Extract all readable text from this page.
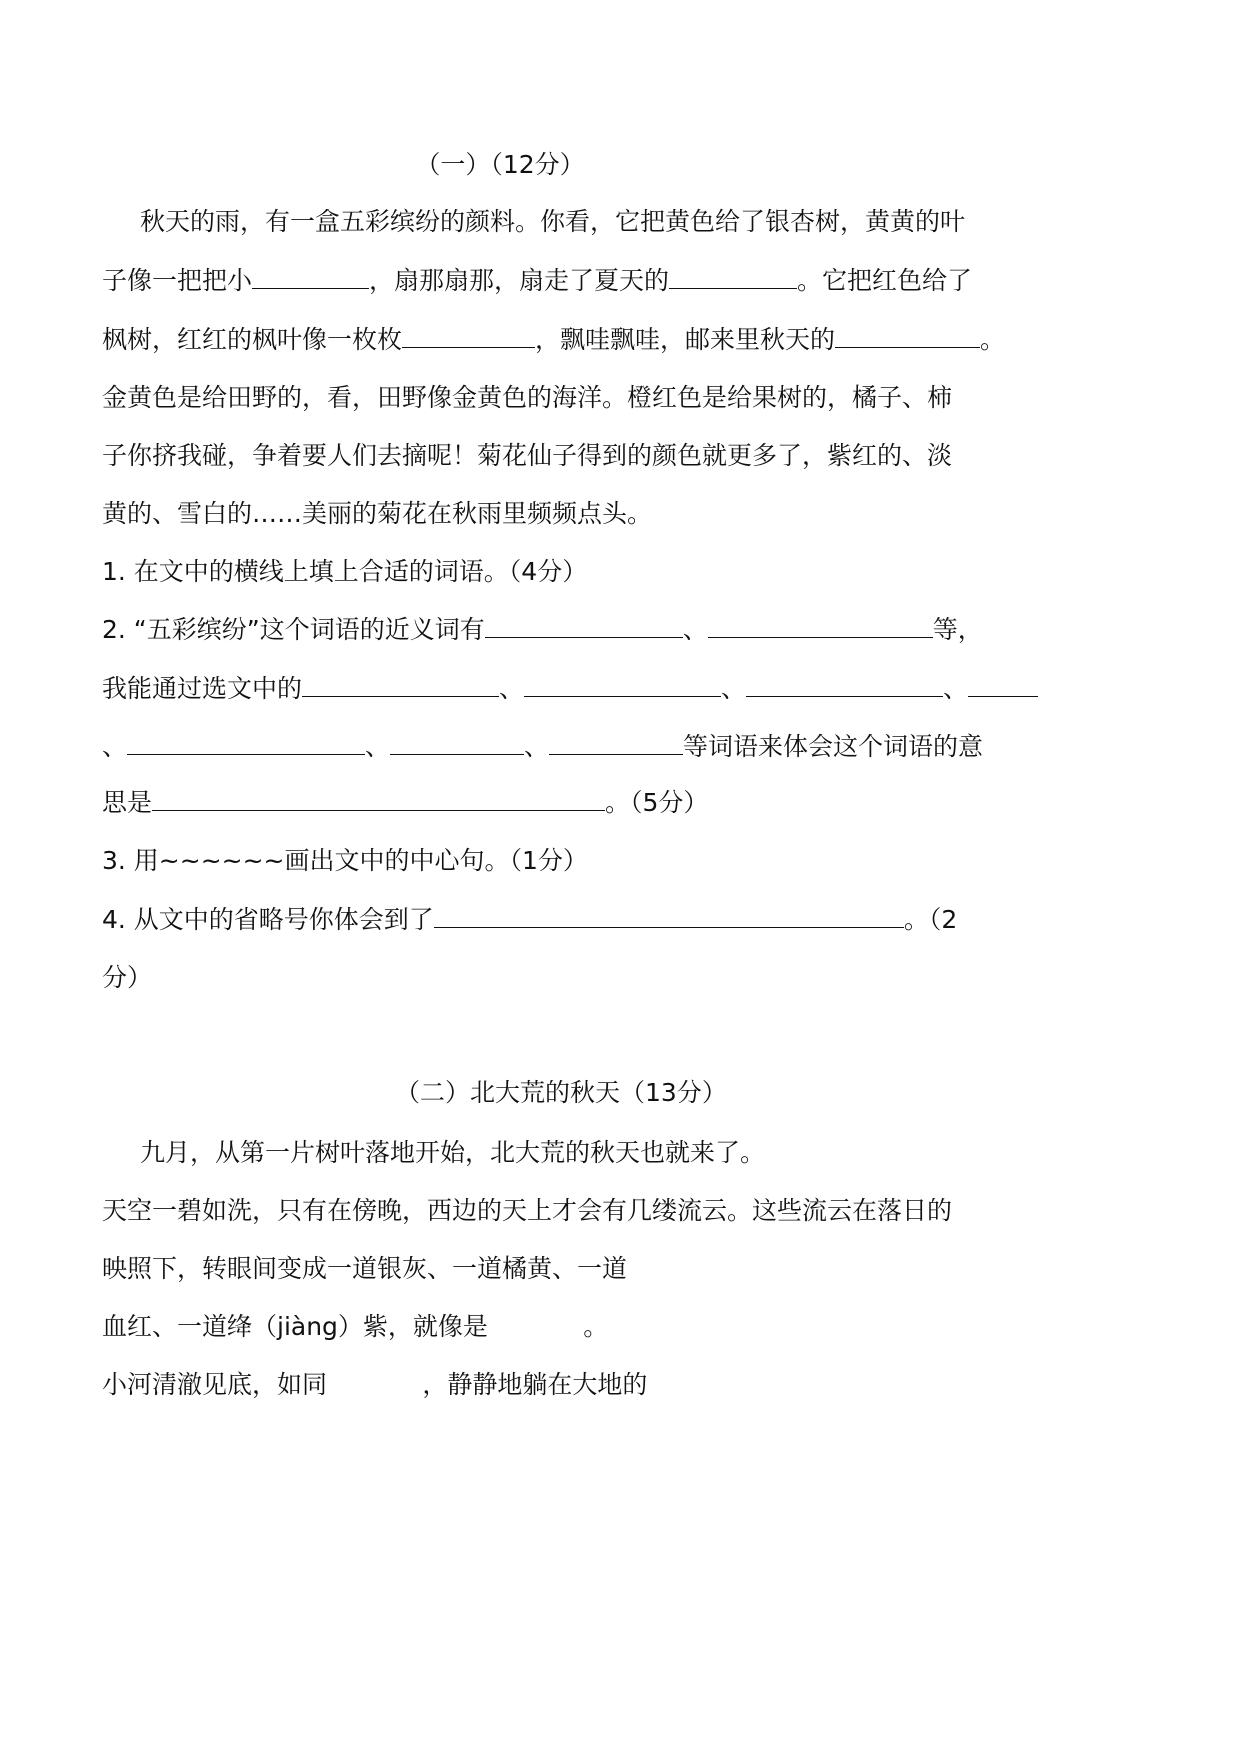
（一）（12分）
秋天的雨，有一盒五彩缤纷的颜料。你看，它把黄色给了银杏树，黄黄的叶
子像一把把小	，扇那扇那，扇走了夏天的	。它把红色给了
枫树，红红的枫叶像一枚枚	，飘哇飘哇，邮来里秋天的	。
金黄色是给田野的，看，田野像金黄色的海洋。橙红色是给果树的，橘子、柿
子你挤我碰，争着要人们去摘呢！菊花仙子得到的颜色就更多了，紫红的、淡
黄的、雪白的……美丽的菊花在秋雨里频频点头。
1. 在文中的横线上填上合适的词语。（4分）
2. “五彩缤纷”这个词语的近义词有	、	等，
我能通过选文中的	、	、	、
、	、	、	等词语来体会这个词语的意
思是	。（5分）
3. 用~~~~~~画出文中的中心句。（1分）
4. 从文中的省略号你体会到了	。（2
分）
（二）北大荒的秋天（13分）
九月，从第一片树叶落地开始，北大荒的秋天也就来了。
天空一碧如洗，只有在傍晚，西边的天上才会有几缕流云。这些流云在落日的
映照下，转眼间变成一道银灰、一道橘黄、一道
血红、一道绛（jiàng）紫，就像是            。
小河清澈见底，如同            ，静静地躺在大地的
